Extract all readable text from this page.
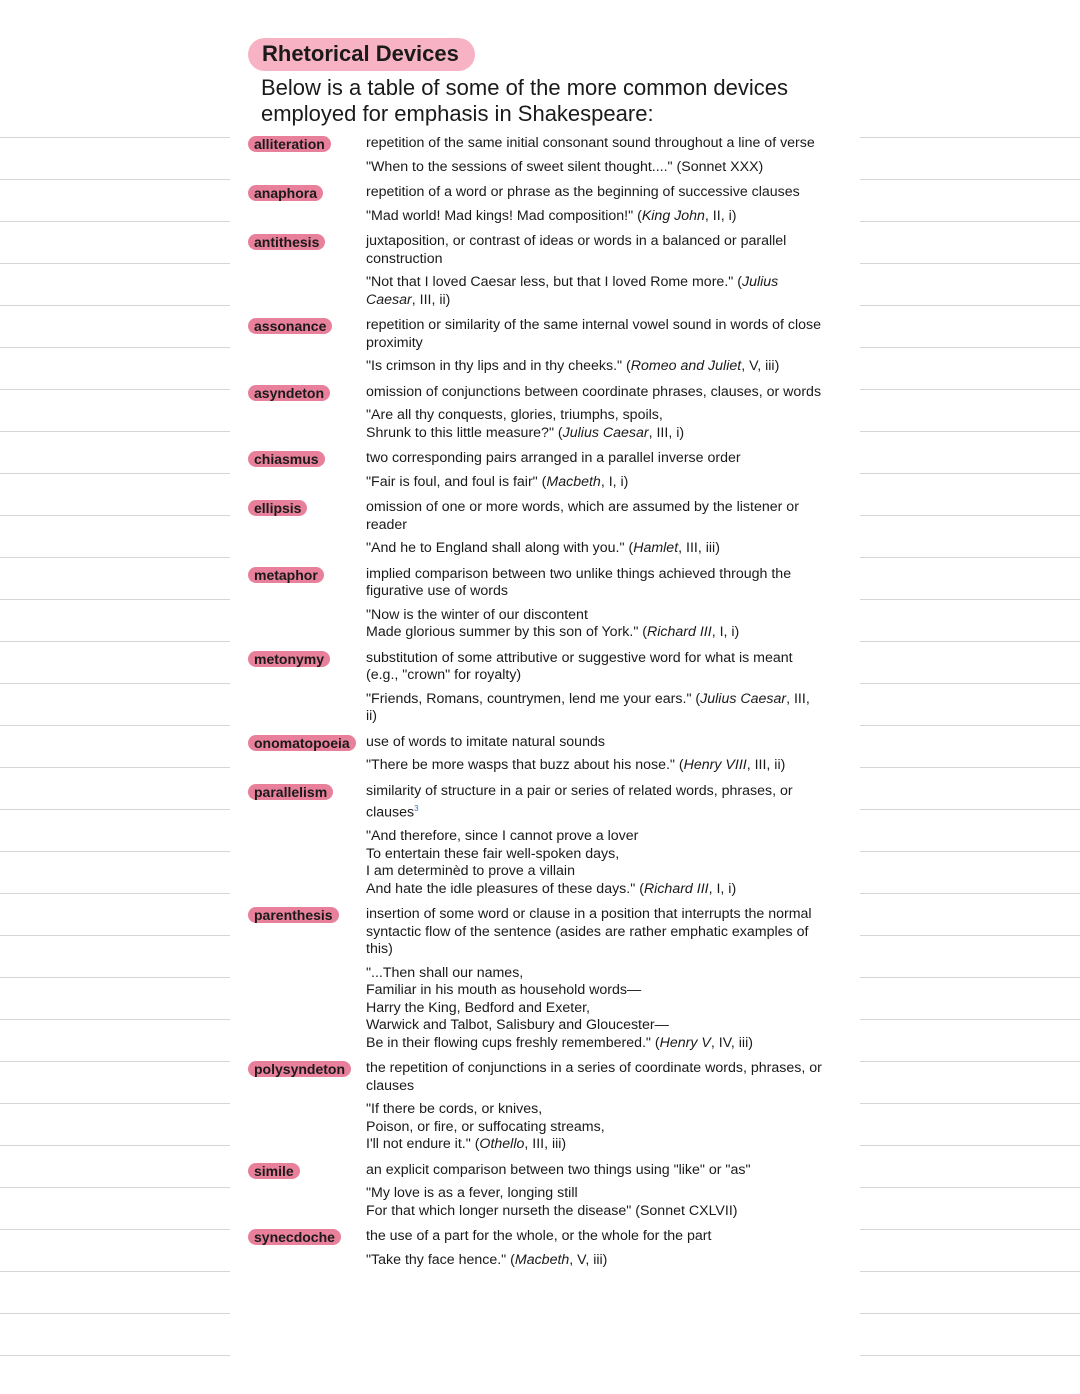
Rhetorical Devices
Below is a table of some of the more common devices employed for emphasis in Shakespeare:
alliteration	repetition of the same initial consonant sound throughout a line of verse
"When to the sessions of sweet silent thought...." (Sonnet XXX)
anaphora	repetition of a word or phrase as the beginning of successive clauses
"Mad world! Mad kings! Mad composition!" (King John, II, i)
antithesis	juxtaposition, or contrast of ideas or words in a balanced or parallel construction
"Not that I loved Caesar less, but that I loved Rome more." (Julius Caesar, III, ii)
assonance	repetition or similarity of the same internal vowel sound in words of close proximity
"Is crimson in thy lips and in thy cheeks." (Romeo and Juliet, V, iii)
asyndeton	omission of conjunctions between coordinate phrases, clauses, or words
"Are all thy conquests, glories, triumphs, spoils,
Shrunk to this little measure?" (Julius Caesar, III, i)
chiasmus	two corresponding pairs arranged in a parallel inverse order
"Fair is foul, and foul is fair" (Macbeth, I, i)
ellipsis	omission of one or more words, which are assumed by the listener or reader
"And he to England shall along with you." (Hamlet, III, iii)
metaphor	implied comparison between two unlike things achieved through the figurative use of words
"Now is the winter of our discontent
Made glorious summer by this son of York." (Richard III, I, i)
metonymy	substitution of some attributive or suggestive word for what is meant (e.g., "crown" for royalty)
"Friends, Romans, countrymen, lend me your ears." (Julius Caesar, III, ii)
onomatopoeia	use of words to imitate natural sounds
"There be more wasps that buzz about his nose." (Henry VIII, III, ii)
parallelism	similarity of structure in a pair or series of related words, phrases, or clauses$^3$
"And therefore, since I cannot prove a lover
To entertain these fair well-spoken days,
I am determinèd to prove a villain
And hate the idle pleasures of these days." (Richard III, I, i)
parenthesis	insertion of some word or clause in a position that interrupts the normal syntactic flow of the sentence (asides are rather emphatic examples of this)
"...Then shall our names,
Familiar in his mouth as household words—
Harry the King, Bedford and Exeter,
Warwick and Talbot, Salisbury and Gloucester—
Be in their flowing cups freshly remembered." (Henry V, IV, iii)
polysyndeton	the repetition of conjunctions in a series of coordinate words, phrases, or clauses
"If there be cords, or knives,
Poison, or fire, or suffocating streams,
I'll not endure it." (Othello, III, iii)
simile	an explicit comparison between two things using "like" or "as"
"My love is as a fever, longing still
For that which longer nurseth the disease" (Sonnet CXLVII)
synecdoche	the use of a part for the whole, or the whole for the part
"Take thy face hence." (Macbeth, V, iii)
